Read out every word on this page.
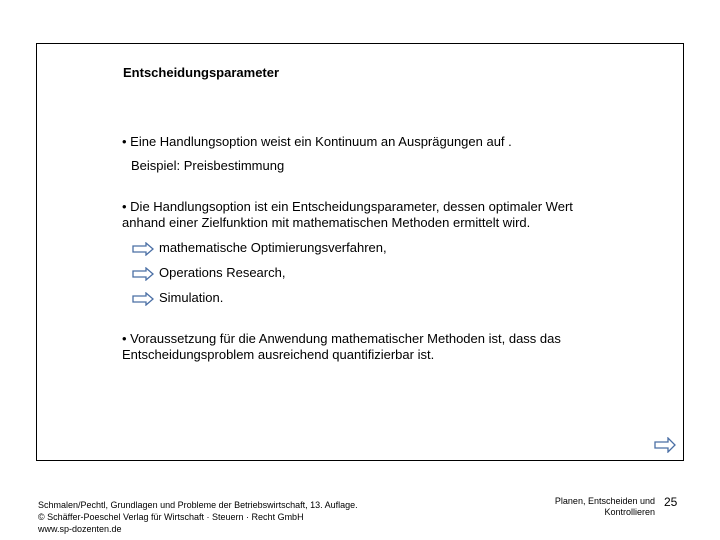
Entscheidungsparameter
• Eine Handlungsoption weist ein Kontinuum an Ausprägungen auf .
Beispiel: Preisbestimmung
• Die Handlungsoption ist ein Entscheidungsparameter, dessen optimaler Wert
anhand einer Zielfunktion mit mathematischen Methoden ermittelt wird.
mathematische Optimierungsverfahren,
Operations Research,
Simulation.
• Voraussetzung für die Anwendung mathematischer Methoden ist, dass das
Entscheidungsproblem ausreichend quantifizierbar ist.
Schmalen/Pechtl, Grundlagen und Probleme der Betriebswirtschaft, 13. Auflage.
© Schäffer-Poeschel Verlag für Wirtschaft · Steuern · Recht GmbH
www.sp-dozenten.de
Planen, Entscheiden und
Kontrollieren
25
